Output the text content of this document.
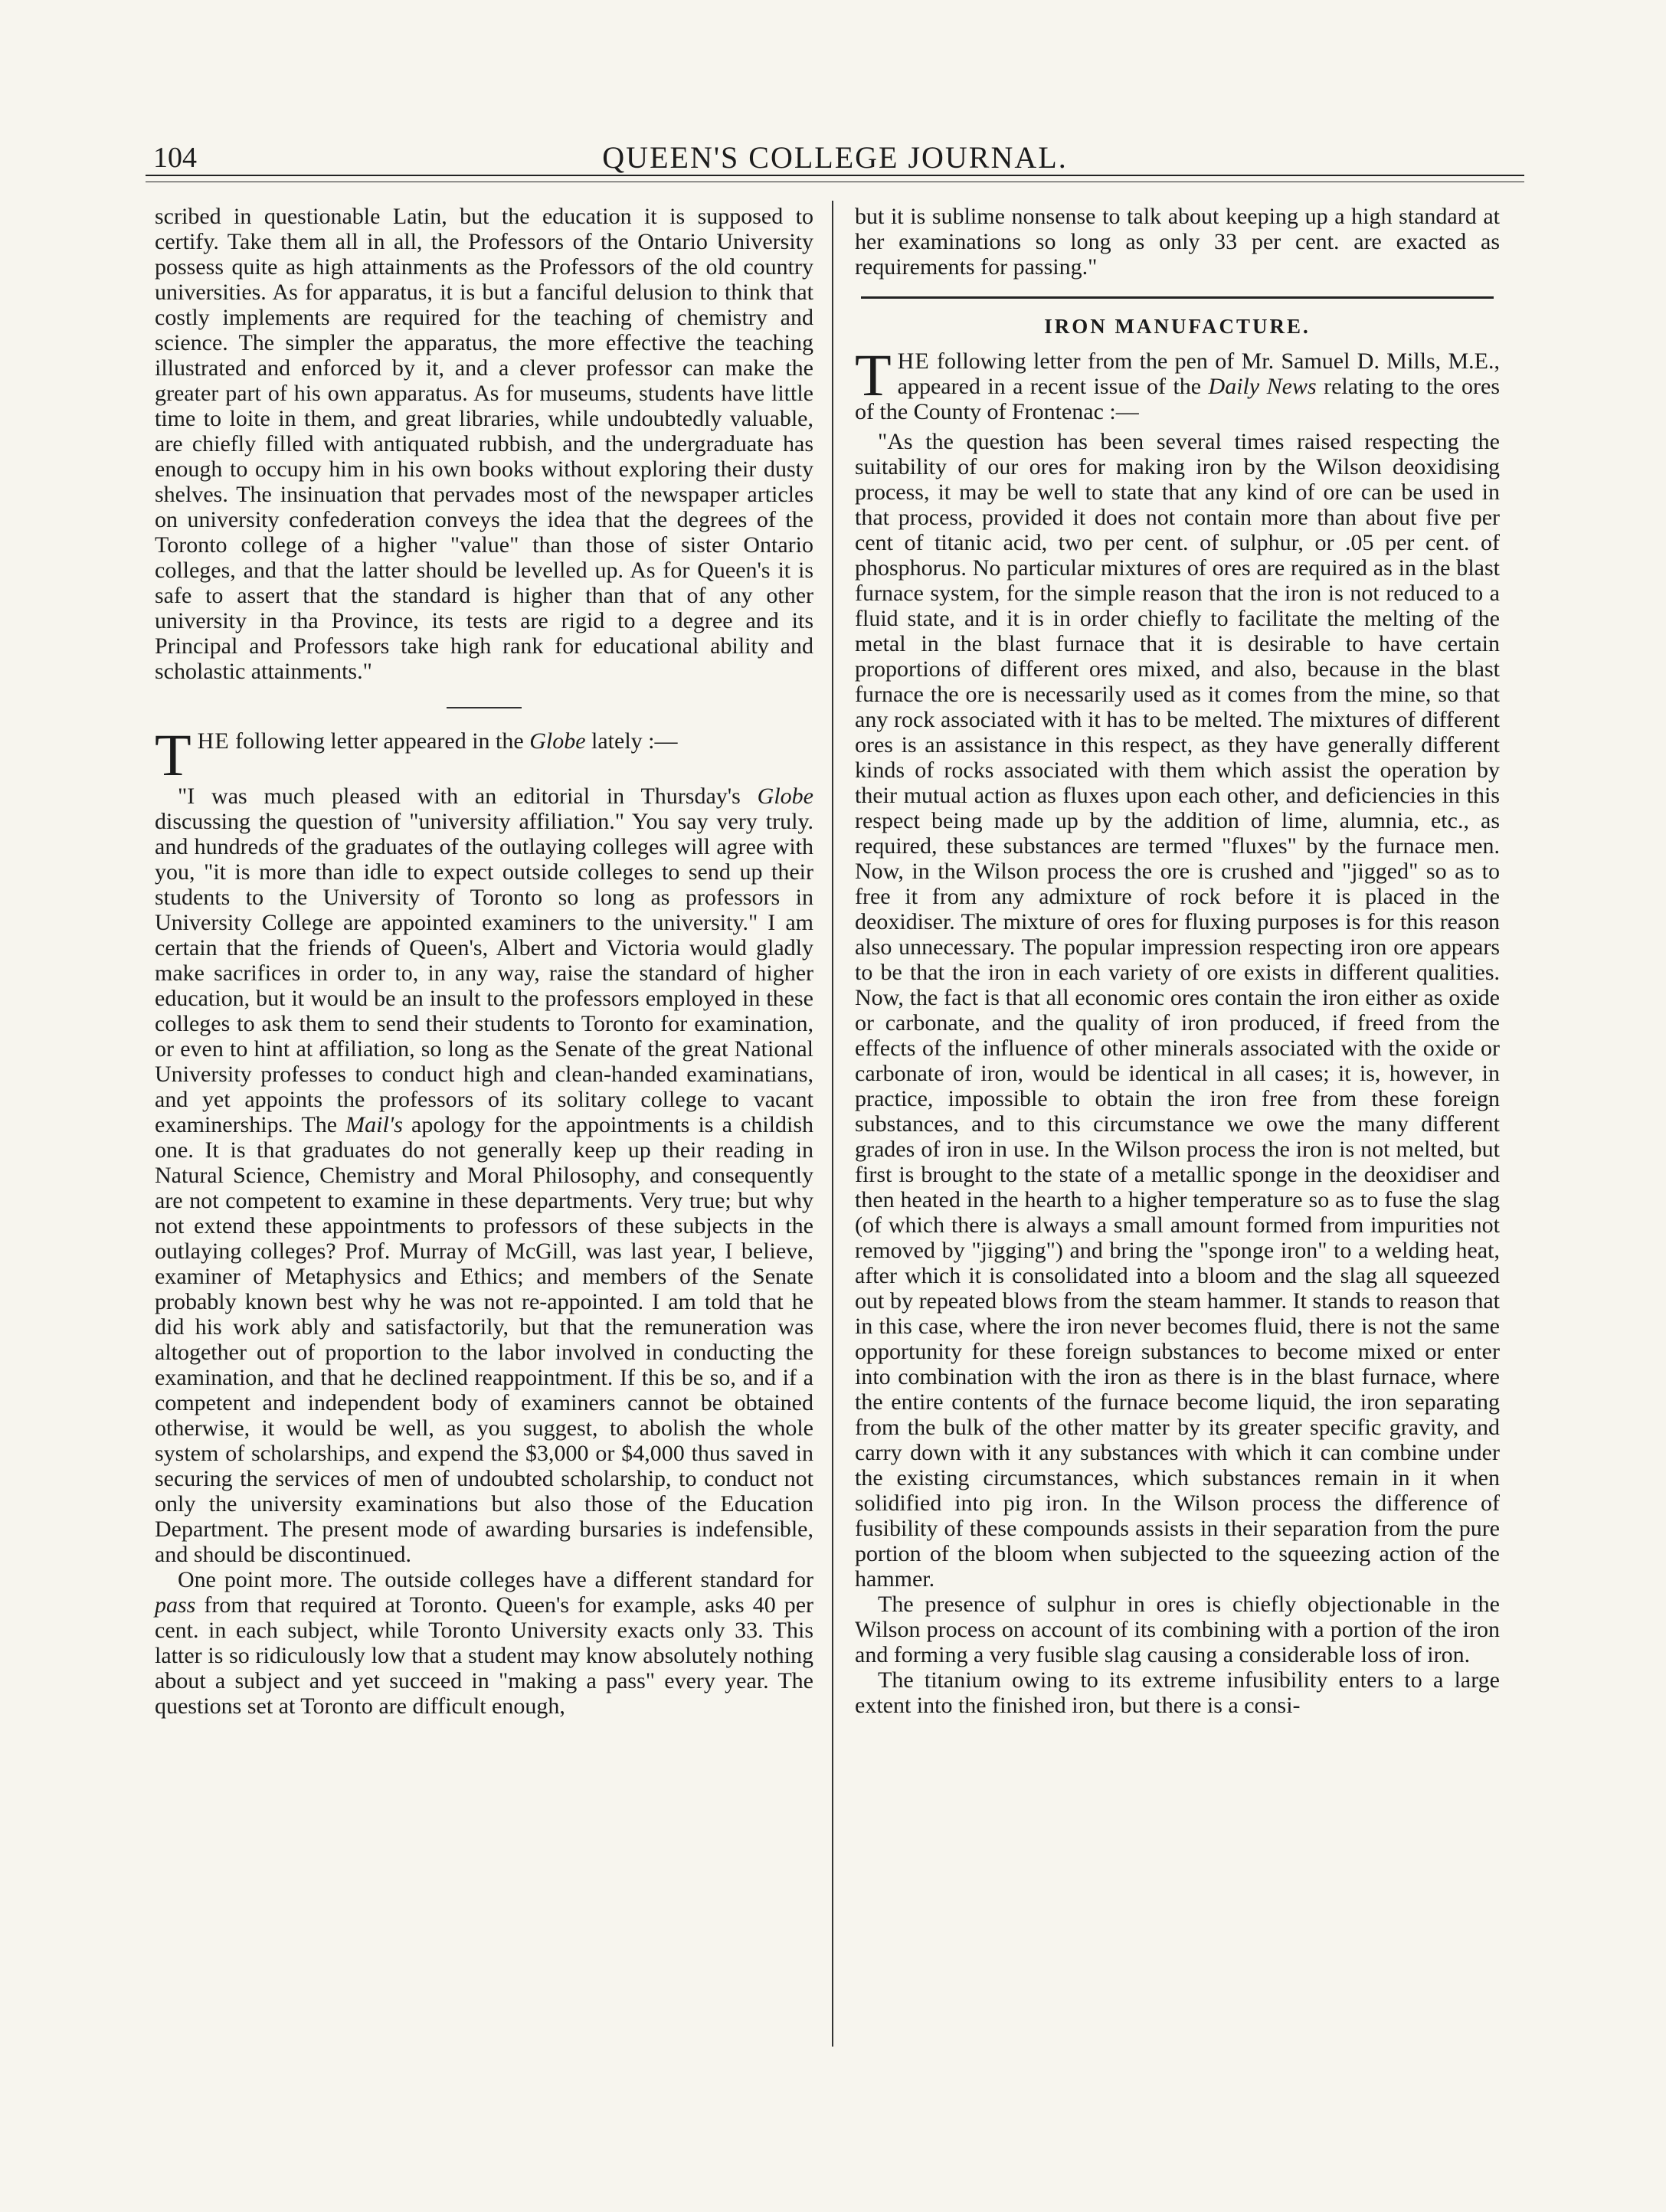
104	QUEEN'S COLLEGE JOURNAL.

scribed in questionable Latin, but the education it is supposed to certify. Take them all in all, the Professors of the Ontario University possess quite as high attainments as the Professors of the old country universities. As for apparatus, it is but a fanciful delusion to think that costly implements are required for the teaching of chemistry and science. The simpler the apparatus, the more effective the teaching illustrated and enforced by it, and a clever professor can make the greater part of his own apparatus. As for museums, students have little time to loite in them, and great libraries, while undoubtedly valuable, are chiefly filled with antiquated rubbish, and the undergraduate has enough to occupy him in his own books without exploring their dusty shelves. The insinuation that pervades most of the newspaper articles on university confederation conveys the idea that the degrees of the Toronto college of a higher "value" than those of sister Ontario colleges, and that the latter should be levelled up. As for Queen's it is safe to assert that the standard is higher than that of any other university in tha Province, its tests are rigid to a degree and its Principal and Professors take high rank for educational ability and scholastic attainments."

THE following letter appeared in the Globe lately :—

"I was much pleased with an editorial in Thursday's Globe discussing the question of "university affiliation." You say very truly. and hundreds of the graduates of the outlaying colleges will agree with you, "it is more than idle to expect outside colleges to send up their students to the University of Toronto so long as professors in University College are appointed examiners to the university." I am certain that the friends of Queen's, Albert and Victoria would gladly make sacrifices in order to, in any way, raise the standard of higher education, but it would be an insult to the professors employed in these colleges to ask them to send their students to Toronto for examination, or even to hint at affiliation, so long as the Senate of the great National University professes to conduct high and clean-handed examinatians, and yet appoints the professors of its solitary college to vacant examinerships. The Mail's apology for the appointments is a childish one. It is that graduates do not generally keep up their reading in Natural Science, Chemistry and Moral Philosophy, and consequently are not competent to examine in these departments. Very true; but why not extend these appointments to professors of these subjects in the outlaying colleges? Prof. Murray of McGill, was last year, I believe, examiner of Metaphysics and Ethics; and members of the Senate probably known best why he was not re-appointed. I am told that he did his work ably and satisfactorily, but that the remuneration was altogether out of proportion to the labor involved in conducting the examination, and that he declined reappointment. If this be so, and if a competent and independent body of examiners cannot be obtained otherwise, it would be well, as you suggest, to abolish the whole system of scholarships, and expend the $3,000 or $4,000 thus saved in securing the services of men of undoubted scholarship, to conduct not only the university examinations but also those of the Education Department. The present mode of awarding bursaries is indefensible, and should be discontinued.

One point more. The outside colleges have a different standard for pass from that required at Toronto. Queen's for example, asks 40 per cent. in each subject, while Toronto University exacts only 33. This latter is so ridiculously low that a student may know absolutely nothing about a subject and yet succeed in "making a pass" every year. The questions set at Toronto are difficult enough,

but it is sublime nonsense to talk about keeping up a high standard at her examinations so long as only 33 per cent. are exacted as requirements for passing."

IRON MANUFACTURE.

THE following letter from the pen of Mr. Samuel D. Mills, M.E., appeared in a recent issue of the Daily News relating to the ores of the County of Frontenac :—

"As the question has been several times raised respecting the suitability of our ores for making iron by the Wilson deoxidising process, it may be well to state that any kind of ore can be used in that process, provided it does not contain more than about five per cent of titanic acid, two per cent. of sulphur, or .05 per cent. of phosphorus. No particular mixtures of ores are required as in the blast furnace system, for the simple reason that the iron is not reduced to a fluid state, and it is in order chiefly to facilitate the melting of the metal in the blast furnace that it is desirable to have certain proportions of different ores mixed, and also, because in the blast furnace the ore is necessarily used as it comes from the mine, so that any rock associated with it has to be melted. The mixtures of different ores is an assistance in this respect, as they have generally different kinds of rocks associated with them which assist the operation by their mutual action as fluxes upon each other, and deficiencies in this respect being made up by the addition of lime, alumnia, etc., as required, these substances are termed "fluxes" by the furnace men. Now, in the Wilson process the ore is crushed and "jigged" so as to free it from any admixture of rock before it is placed in the deoxidiser. The mixture of ores for fluxing purposes is for this reason also unnecessary. The popular impression respecting iron ore appears to be that the iron in each variety of ore exists in different qualities. Now, the fact is that all economic ores contain the iron either as oxide or carbonate, and the quality of iron produced, if freed from the effects of the influence of other minerals associated with the oxide or carbonate of iron, would be identical in all cases; it is, however, in practice, impossible to obtain the iron free from these foreign substances, and to this circumstance we owe the many different grades of iron in use. In the Wilson process the iron is not melted, but first is brought to the state of a metallic sponge in the deoxidiser and then heated in the hearth to a higher temperature so as to fuse the slag (of which there is always a small amount formed from impurities not removed by "jigging") and bring the "sponge iron" to a welding heat, after which it is consolidated into a bloom and the slag all squeezed out by repeated blows from the steam hammer. It stands to reason that in this case, where the iron never becomes fluid, there is not the same opportunity for these foreign substances to become mixed or enter into combination with the iron as there is in the blast furnace, where the entire contents of the furnace become liquid, the iron separating from the bulk of the other matter by its greater specific gravity, and carry down with it any substances with which it can combine under the existing circumstances, which substances remain in it when solidified into pig iron. In the Wilson process the difference of fusibility of these compounds assists in their separation from the pure portion of the bloom when subjected to the squeezing action of the hammer.

The presence of sulphur in ores is chiefly objectionable in the Wilson process on account of its combining with a portion of the iron and forming a very fusible slag causing a considerable loss of iron.

The titanium owing to its extreme infusibility enters to a large extent into the finished iron, but there is a consi-
